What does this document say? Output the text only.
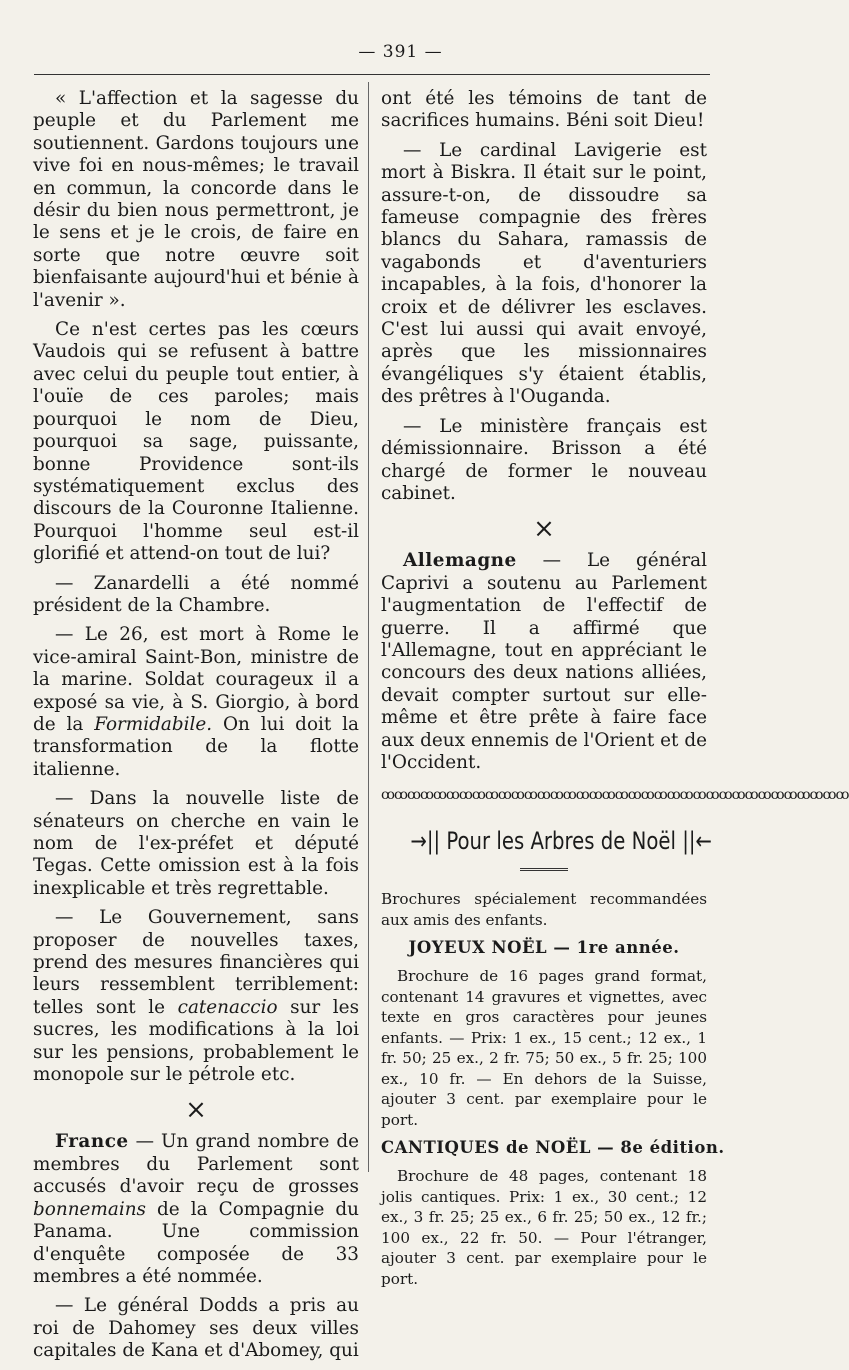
— 391 —

« L'affection et la sagesse du peuple et du Parlement me soutiennent. Gardons toujours une vive foi en nous-mêmes; le travail en commun, la concorde dans le désir du bien nous permettront, je le sens et je le crois, de faire en sorte que notre œuvre soit bienfaisante aujourd'hui et bénie à l'avenir ».

Ce n'est certes pas les cœurs Vaudois qui se refusent à battre avec celui du peuple tout entier, à l'ouïe de ces paroles; mais pourquoi le nom de Dieu, pourquoi sa sage, puissante, bonne Providence sont-ils systématiquement exclus des discours de la Couronne Italienne. Pourquoi l'homme seul est-il glorifié et attend-on tout de lui?

— Zanardelli a été nommé président de la Chambre.

— Le 26, est mort à Rome le vice-amiral Saint-Bon, ministre de la marine. Soldat courageux il a exposé sa vie, à S. Giorgio, à bord de la Formidabile. On lui doit la transformation de la flotte italienne.

— Dans la nouvelle liste de sénateurs on cherche en vain le nom de l'ex-préfet et député Tegas. Cette omission est à la fois inexplicable et très regrettable.

— Le Gouvernement, sans proposer de nouvelles taxes, prend des mesures financières qui leurs ressemblent terriblement: telles sont le catenaccio sur les sucres, les modifications à la loi sur les pensions, probablement le monopole sur le pétrole etc.

×

France — Un grand nombre de membres du Parlement sont accusés d'avoir reçu de grosses bonnemains de la Compagnie du Panama. Une commission d'enquête composée de 33 membres a été nommée.

— Le général Dodds a pris au roi de Dahomey ses deux villes capitales de Kana et d'Abomey, qui

ont été les témoins de tant de sacrifices humains. Béni soit Dieu!

— Le cardinal Lavigerie est mort à Biskra. Il était sur le point, assure-t-on, de dissoudre sa fameuse compagnie des frères blancs du Sahara, ramassis de vagabonds et d'aventuriers incapables, à la fois, d'honorer la croix et de délivrer les esclaves. C'est lui aussi qui avait envoyé, après que les missionnaires évangéliques s'y étaient établis, des prêtres à l'Ouganda.

— Le ministère français est démissionnaire. Brisson a été chargé de former le nouveau cabinet.

×

Allemagne — Le général Caprivi a soutenu au Parlement l'augmentation de l'effectif de guerre. Il a affirmé que l'Allemagne, tout en appréciant le concours des deux nations alliées, devait compter surtout sur elle-même et être prête à faire face aux deux ennemis de l'Orient et de l'Occident.

ꝏꝏꝏꝏꝏꝏꝏꝏꝏꝏꝏꝏꝏꝏꝏꝏꝏꝏꝏꝏꝏꝏꝏꝏꝏꝏꝏꝏꝏꝏꝏꝏꝏꝏꝏꝏ
→|| Pour les Arbres de Noël ||←

Brochures spécialement recommandées aux amis des enfants.

JOYEUX NOËL — 1re année.

Brochure de 16 pages grand format, contenant 14 gravures et vignettes, avec texte en gros caractères pour jeunes enfants. — Prix: 1 ex., 15 cent.; 12 ex., 1 fr. 50; 25 ex., 2 fr. 75; 50 ex., 5 fr. 25; 100 ex., 10 fr. — En dehors de la Suisse, ajouter 3 cent. par exemplaire pour le port.

CANTIQUES de NOËL — 8e édition.

Brochure de 48 pages, contenant 18 jolis cantiques. Prix: 1 ex., 30 cent.; 12 ex., 3 fr. 25; 25 ex., 6 fr. 25; 50 ex., 12 fr.; 100 ex., 22 fr. 50. — Pour l'étranger, ajouter 3 cent. par exemplaire pour le port.
